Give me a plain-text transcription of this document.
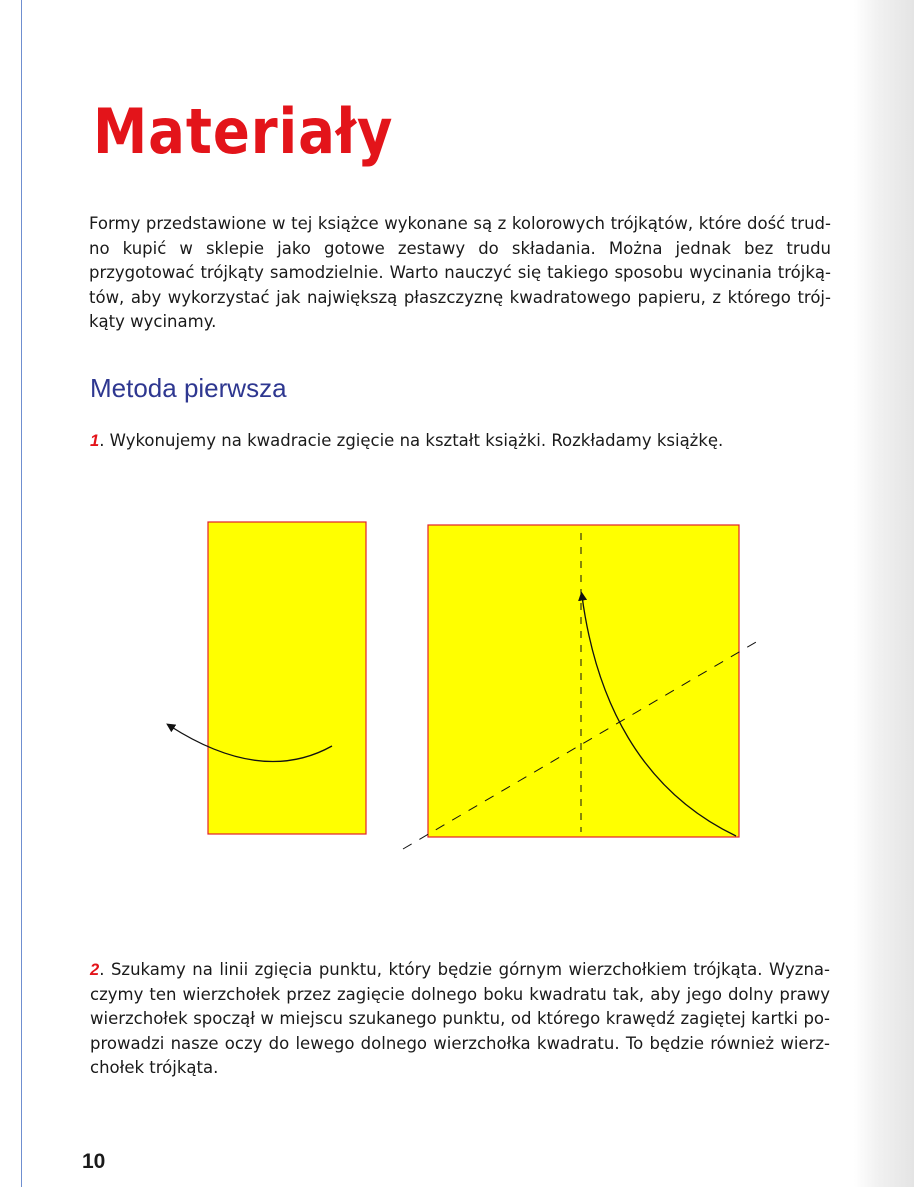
Materiały

Formy przedstawione w tej książce wykonane są z kolorowych trójkątów, które dość trudno kupić w sklepie jako gotowe zestawy do składania. Można jednak bez trudu przygotować trójkąty samodzielnie. Warto nauczyć się takiego sposobu wycinania trójkątów, aby wykorzystać jak największą płaszczyznę kwadratowego papieru, z którego trójkąty wycinamy.

Metoda pierwsza

1. Wykonujemy na kwadracie zgięcie na kształt książki. Rozkładamy książkę.

2. Szukamy na linii zgięcia punktu, który będzie górnym wierzchołkiem trójkąta. Wyznaczymy ten wierzchołek przez zagięcie dolnego boku kwadratu tak, aby jego dolny prawy wierzchołek spoczął w miejscu szukanego punktu, od którego krawędź zagiętej kartki poprowadzi nasze oczy do lewego dolnego wierzchołka kwadratu. To będzie również wierzchołek trójkąta.

10
